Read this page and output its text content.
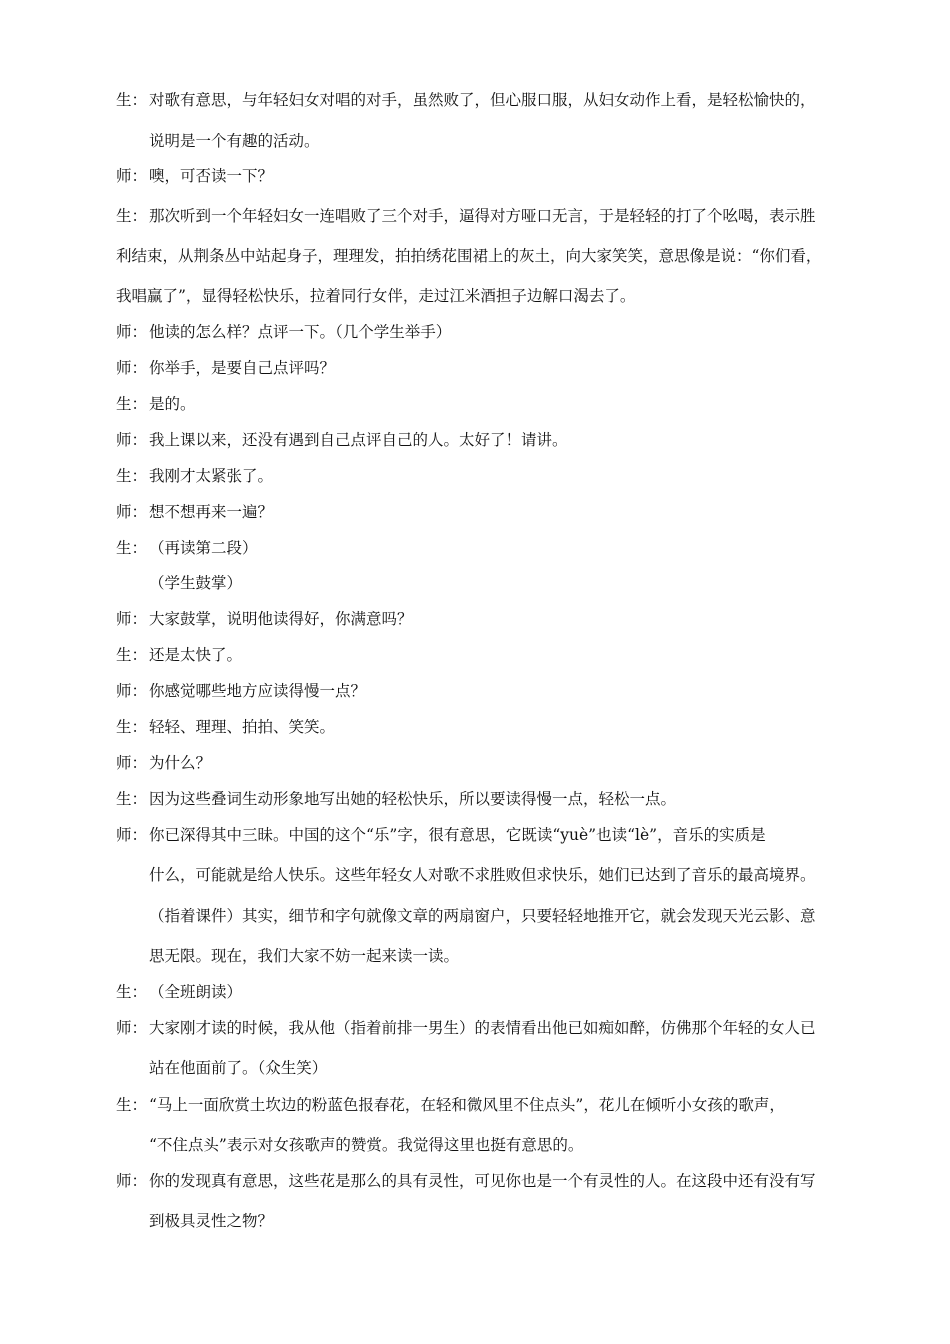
生： 对歌有意思，与年轻妇女对唱的对手，虽然败了，但心服口服，从妇女动作上看，是轻松愉快的，
说明是一个有趣的活动。
师： 噢，可否读一下？
生： 那次听到一个年轻妇女一连唱败了三个对手，逼得对方哑口无言，于是轻轻的打了个吆喝，表示胜
利结束，从荆条丛中站起身子，理理发，拍拍绣花围裙上的灰土，向大家笑笑，意思像是说：“你们看，
我唱赢了”，显得轻松快乐，拉着同行女伴，走过江米酒担子边解口渴去了。
师： 他读的怎么样？点评一下。（几个学生举手）
师： 你举手，是要自己点评吗？
生： 是的。
师： 我上课以来，还没有遇到自己点评自己的人。太好了！请讲。
生： 我刚才太紧张了。
师： 想不想再来一遍？
生： （再读第二段）
（学生鼓掌）
师： 大家鼓掌，说明他读得好，你满意吗？
生： 还是太快了。
师： 你感觉哪些地方应读得慢一点？
生： 轻轻、理理、拍拍、笑笑。
师： 为什么？
生： 因为这些叠词生动形象地写出她的轻松快乐，所以要读得慢一点，轻松一点。
师： 你已深得其中三昧。中国的这个“乐”字，很有意思，它既读“yuè”也读“lè”，音乐的实质是
什么，可能就是给人快乐。这些年轻女人对歌不求胜败但求快乐，她们已达到了音乐的最高境界。
（指着课件）其实，细节和字句就像文章的两扇窗户，只要轻轻地推开它，就会发现天光云影、意
思无限。现在，我们大家不妨一起来读一读。
生： （全班朗读）
师： 大家刚才读的时候，我从他（指着前排一男生）的表情看出他已如痴如醉，仿佛那个年轻的女人已
站在他面前了。（众生笑）
生： “马上一面欣赏土坎边的粉蓝色报春花，在轻和微风里不住点头”，花儿在倾听小女孩的歌声，
“不住点头”表示对女孩歌声的赞赏。我觉得这里也挺有意思的。
师： 你的发现真有意思，这些花是那么的具有灵性，可见你也是一个有灵性的人。在这段中还有没有写
到极具灵性之物？
